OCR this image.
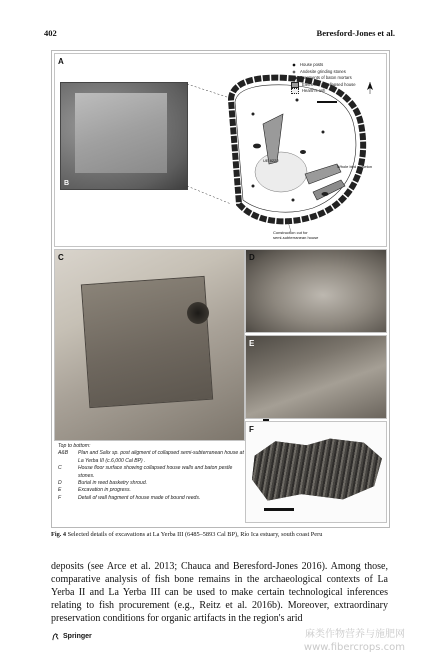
402	Beresford-Jones et al.
A
B
House posts
Andesite grinding stones
Fragments of baton mortars
Elements of collapsed house
Hearth's ash
Whole bird skeleton
UE 8222
Construction cut for
semi-subterranean house
C	D
E
F
Top to bottom:
A&B	Plan and Salix sp. post aligment of collapsed semi-subterranean house at La Yerba III (c.6,000 Cal BP) .
C	House floor surface showing collapsed house walls and baton pestle stones.
D	Burial in reed basketry shroud.
E	Excavation in progress.
F	Detail of wall fragment of house made of bound reeds.
Fig. 4 Selected details of excavations at La Yerba III (6485–5893 Cal BP), Río Ica estuary, south coast Peru
deposits (see Arce et al. 2013; Chauca and Beresford-Jones 2016). Among those, comparative analysis of fish bone remains in the archaeological contexts of La Yerba II and La Yerba III can be used to make certain technological inferences relating to fish procurement (e.g., Reitz et al. 2016b). Moreover, extraordinary preservation conditions for organic artifacts in the region's arid
Springer	麻类作物营养与施肥网
www.fibercrops.com
